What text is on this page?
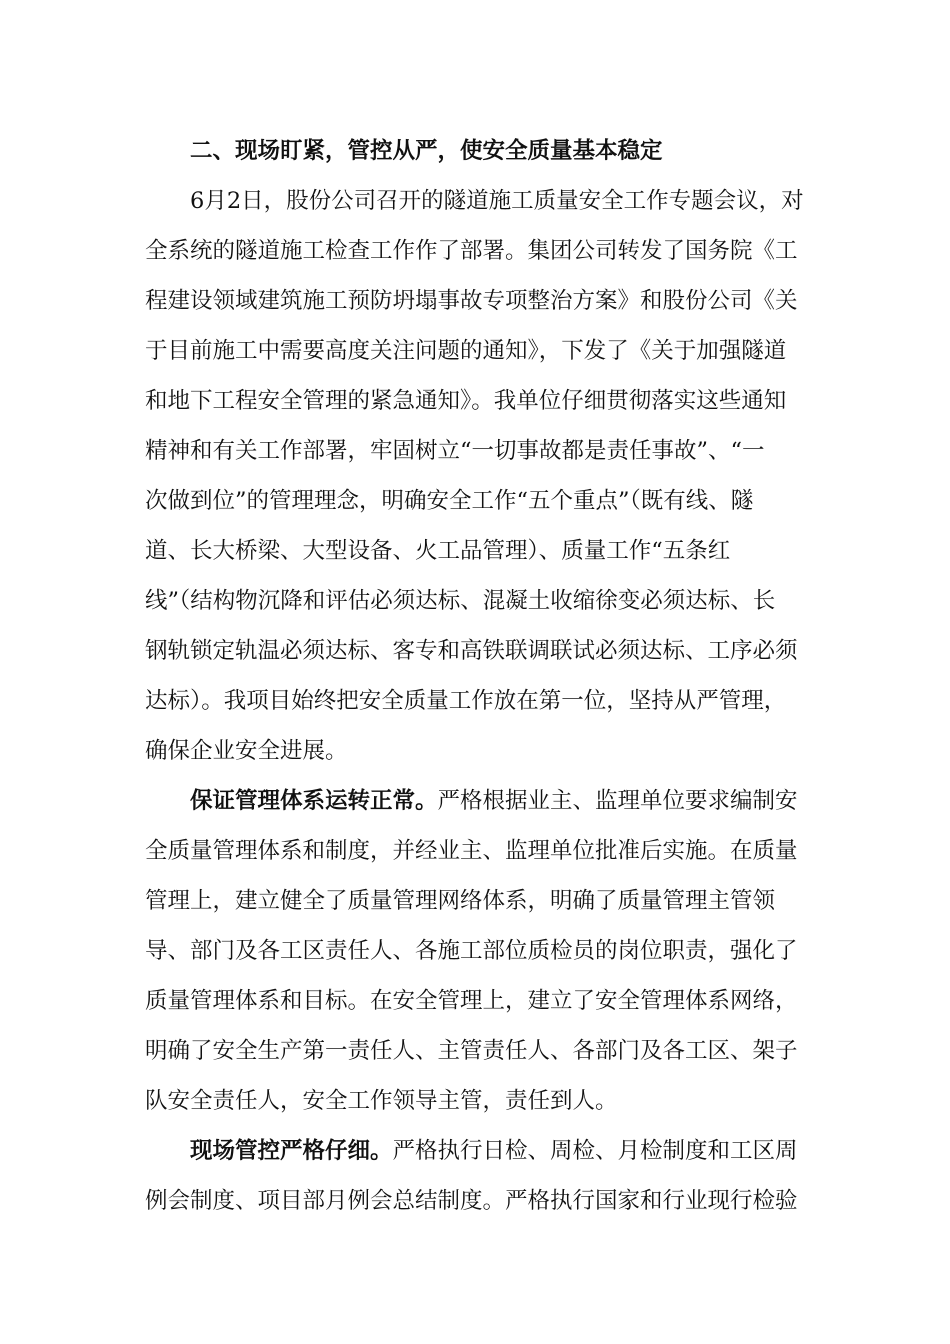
二、现场盯紧，管控从严，使安全质量基本稳定
6月2日，股份公司召开的隧道施工质量安全工作专题会议，对
全系统的隧道施工检查工作作了部署。集团公司转发了国务院《工
程建设领域建筑施工预防坍塌事故专项整治方案》和股份公司《关
于目前施工中需要高度关注问题的通知》，下发了《关于加强隧道
和地下工程安全管理的紧急通知》。我单位仔细贯彻落实这些通知
精神和有关工作部署，牢固树立“一切事故都是责任事故”、“一
次做到位”的管理理念，明确安全工作“五个重点”（既有线、隧
道、长大桥梁、大型设备、火工品管理）、质量工作“五条红
线”（结构物沉降和评估必须达标、混凝土收缩徐变必须达标、长
钢轨锁定轨温必须达标、客专和高铁联调联试必须达标、工序必须
达标）。我项目始终把安全质量工作放在第一位，坚持从严管理，
确保企业安全进展。
保证管理体系运转正常。严格根据业主、监理单位要求编制安
全质量管理体系和制度，并经业主、监理单位批准后实施。在质量
管理上，建立健全了质量管理网络体系，明确了质量管理主管领
导、部门及各工区责任人、各施工部位质检员的岗位职责，强化了
质量管理体系和目标。在安全管理上，建立了安全管理体系网络，
明确了安全生产第一责任人、主管责任人、各部门及各工区、架子
队安全责任人，安全工作领导主管，责任到人。
现场管控严格仔细。严格执行日检、周检、月检制度和工区周
例会制度、项目部月例会总结制度。严格执行国家和行业现行检验
